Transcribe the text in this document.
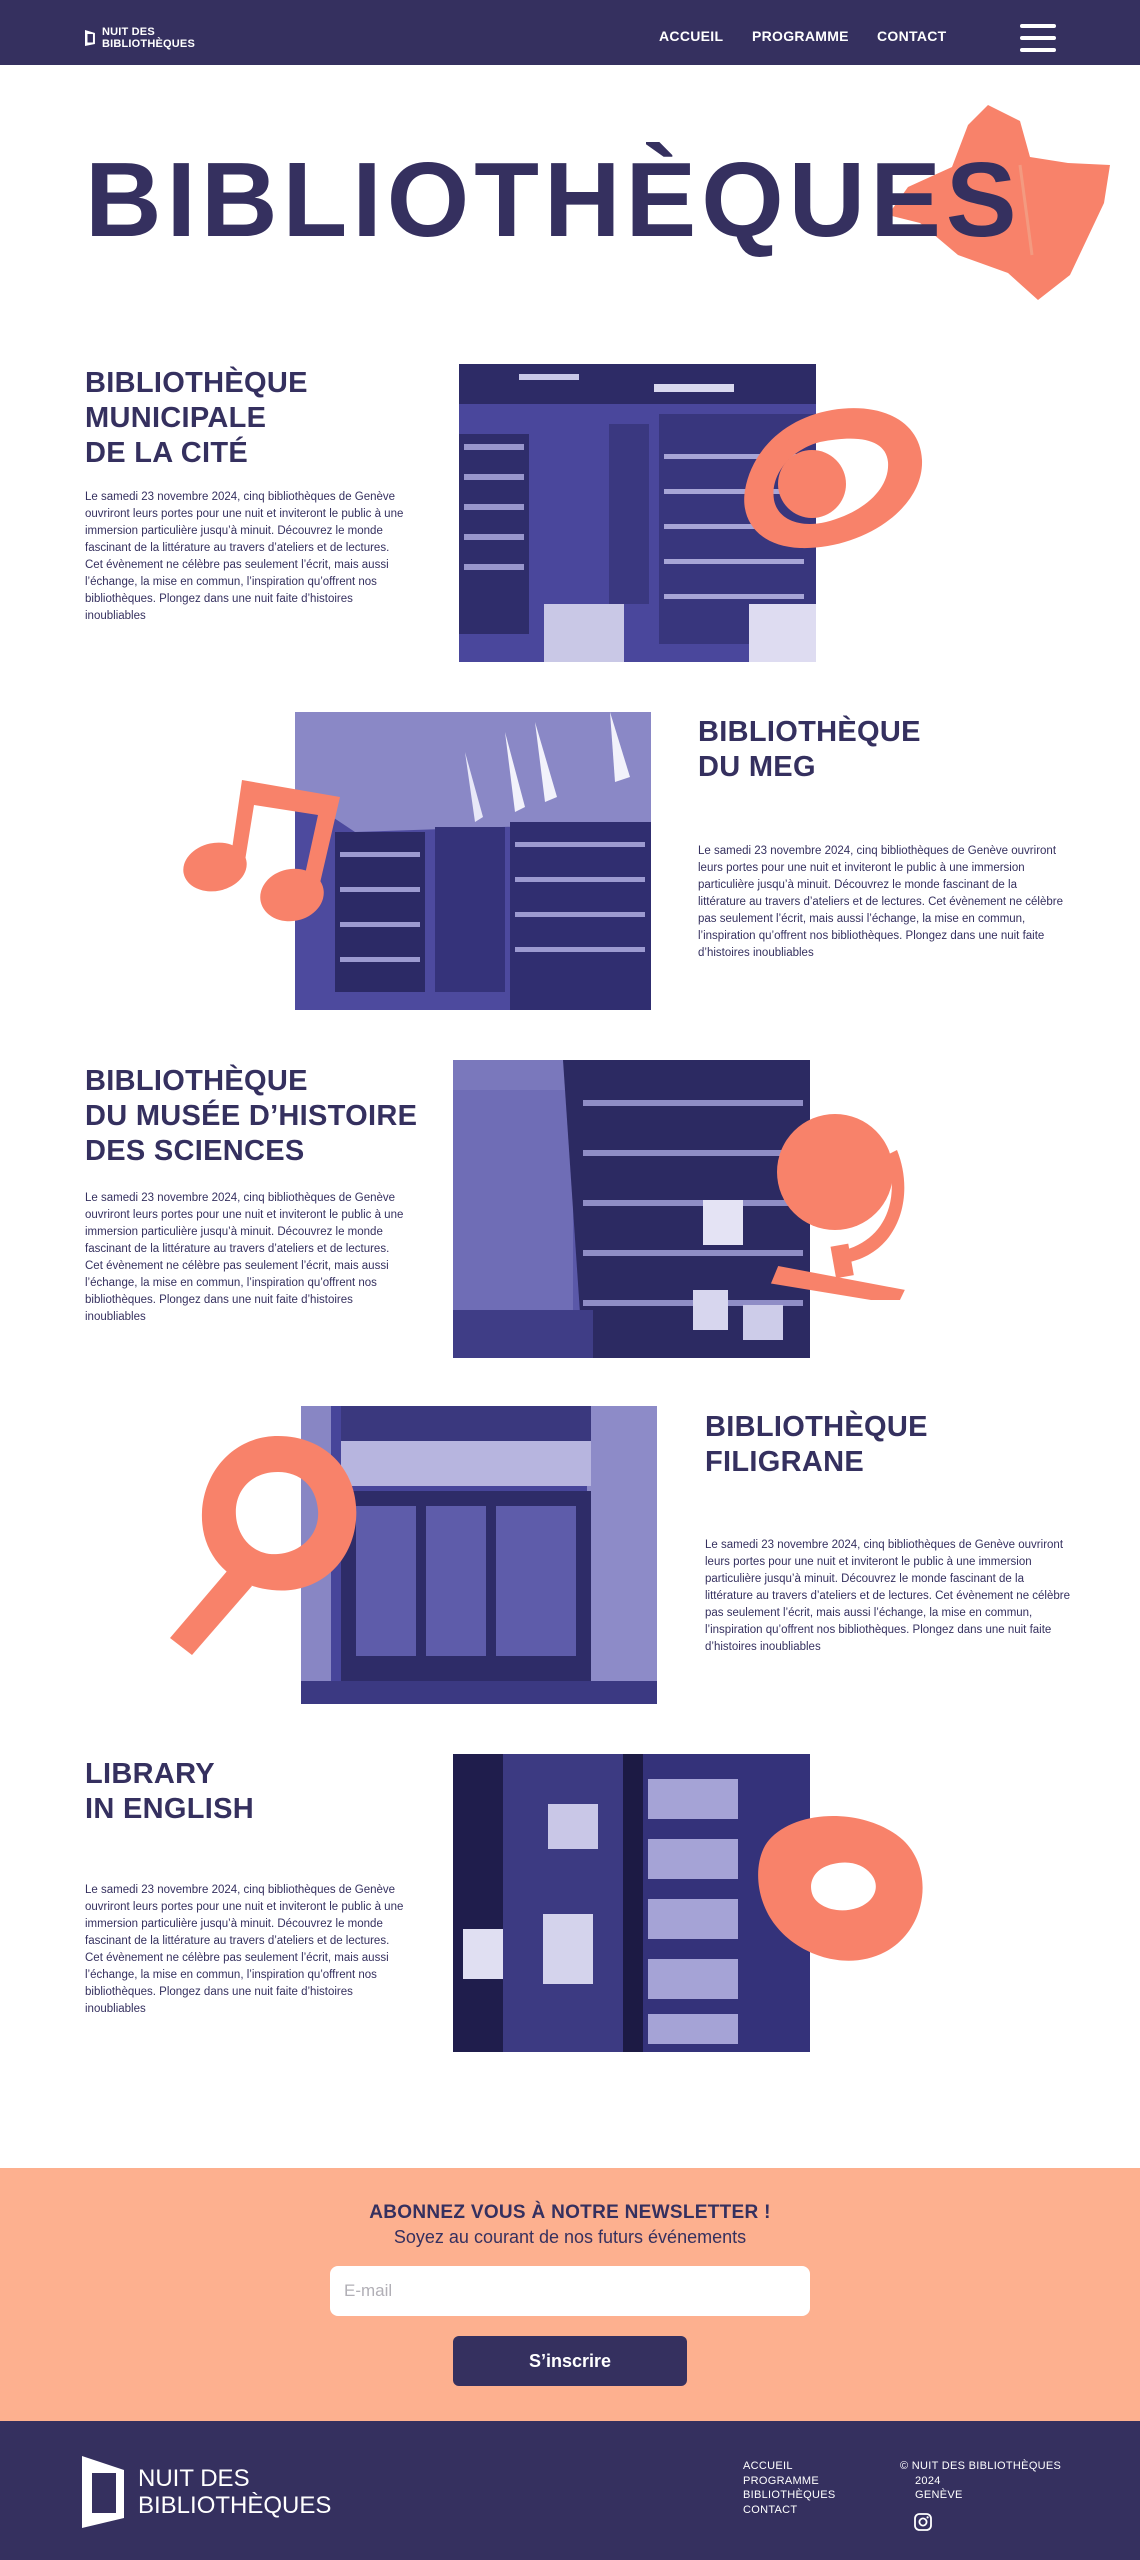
NUIT DES
BIBLIOTHÈQUES	ACCUEIL PROGRAMME CONTACT
BIBLIOTHÈQUES
BIBLIOTHÈQUE
MUNICIPALE
DE LA CITÉ

Le samedi 23 novembre 2024, cinq bibliothèques de Genève ouvriront leurs portes pour une nuit et inviteront le public à une immersion particulière jusqu’à minuit. Découvrez le monde fascinant de la littérature au travers d’ateliers et de lectures. Cet évènement ne célèbre pas seulement l’écrit, mais aussi l’échange, la mise en commun, l’inspiration qu’offrent nos bibliothèques. Plongez dans une nuit faite d’histoires inoubliables

BIBLIOTHÈQUE
DU MEG

Le samedi 23 novembre 2024, cinq bibliothèques de Genève ouvriront leurs portes pour une nuit et inviteront le public à une immersion particulière jusqu’à minuit. Découvrez le monde fascinant de la littérature au travers d’ateliers et de lectures. Cet évènement ne célèbre pas seulement l’écrit, mais aussi l’échange, la mise en commun, l’inspiration qu’offrent nos bibliothèques. Plongez dans une nuit faite d’histoires inoubliables

BIBLIOTHÈQUE
DU MUSÉE D’HISTOIRE
DES SCIENCES

Le samedi 23 novembre 2024, cinq bibliothèques de Genève ouvriront leurs portes pour une nuit et inviteront le public à une immersion particulière jusqu’à minuit. Découvrez le monde fascinant de la littérature au travers d’ateliers et de lectures. Cet évènement ne célèbre pas seulement l’écrit, mais aussi l’échange, la mise en commun, l’inspiration qu’offrent nos bibliothèques. Plongez dans une nuit faite d’histoires inoubliables

BIBLIOTHÈQUE
FILIGRANE

Le samedi 23 novembre 2024, cinq bibliothèques de Genève ouvriront leurs portes pour une nuit et inviteront le public à une immersion particulière jusqu’à minuit. Découvrez le monde fascinant de la littérature au travers d’ateliers et de lectures. Cet évènement ne célèbre pas seulement l’écrit, mais aussi l’échange, la mise en commun, l’inspiration qu’offrent nos bibliothèques. Plongez dans une nuit faite d’histoires inoubliables

LIBRARY
IN ENGLISH

Le samedi 23 novembre 2024, cinq bibliothèques de Genève ouvriront leurs portes pour une nuit et inviteront le public à une immersion particulière jusqu’à minuit. Découvrez le monde fascinant de la littérature au travers d’ateliers et de lectures. Cet évènement ne célèbre pas seulement l’écrit, mais aussi l’échange, la mise en commun, l’inspiration qu’offrent nos bibliothèques. Plongez dans une nuit faite d’histoires inoubliables

ABONNEZ VOUS À NOTRE NEWSLETTER !

Soyez au courant de nos futurs événements

E-mail
S’inscrire
NUIT DES
BIBLIOTHÈQUES
ACCUEIL
PROGRAMME
BIBLIOTHÈQUES
CONTACT
© NUIT DES BIBLIOTHÈQUES
2024
GENÈVE
